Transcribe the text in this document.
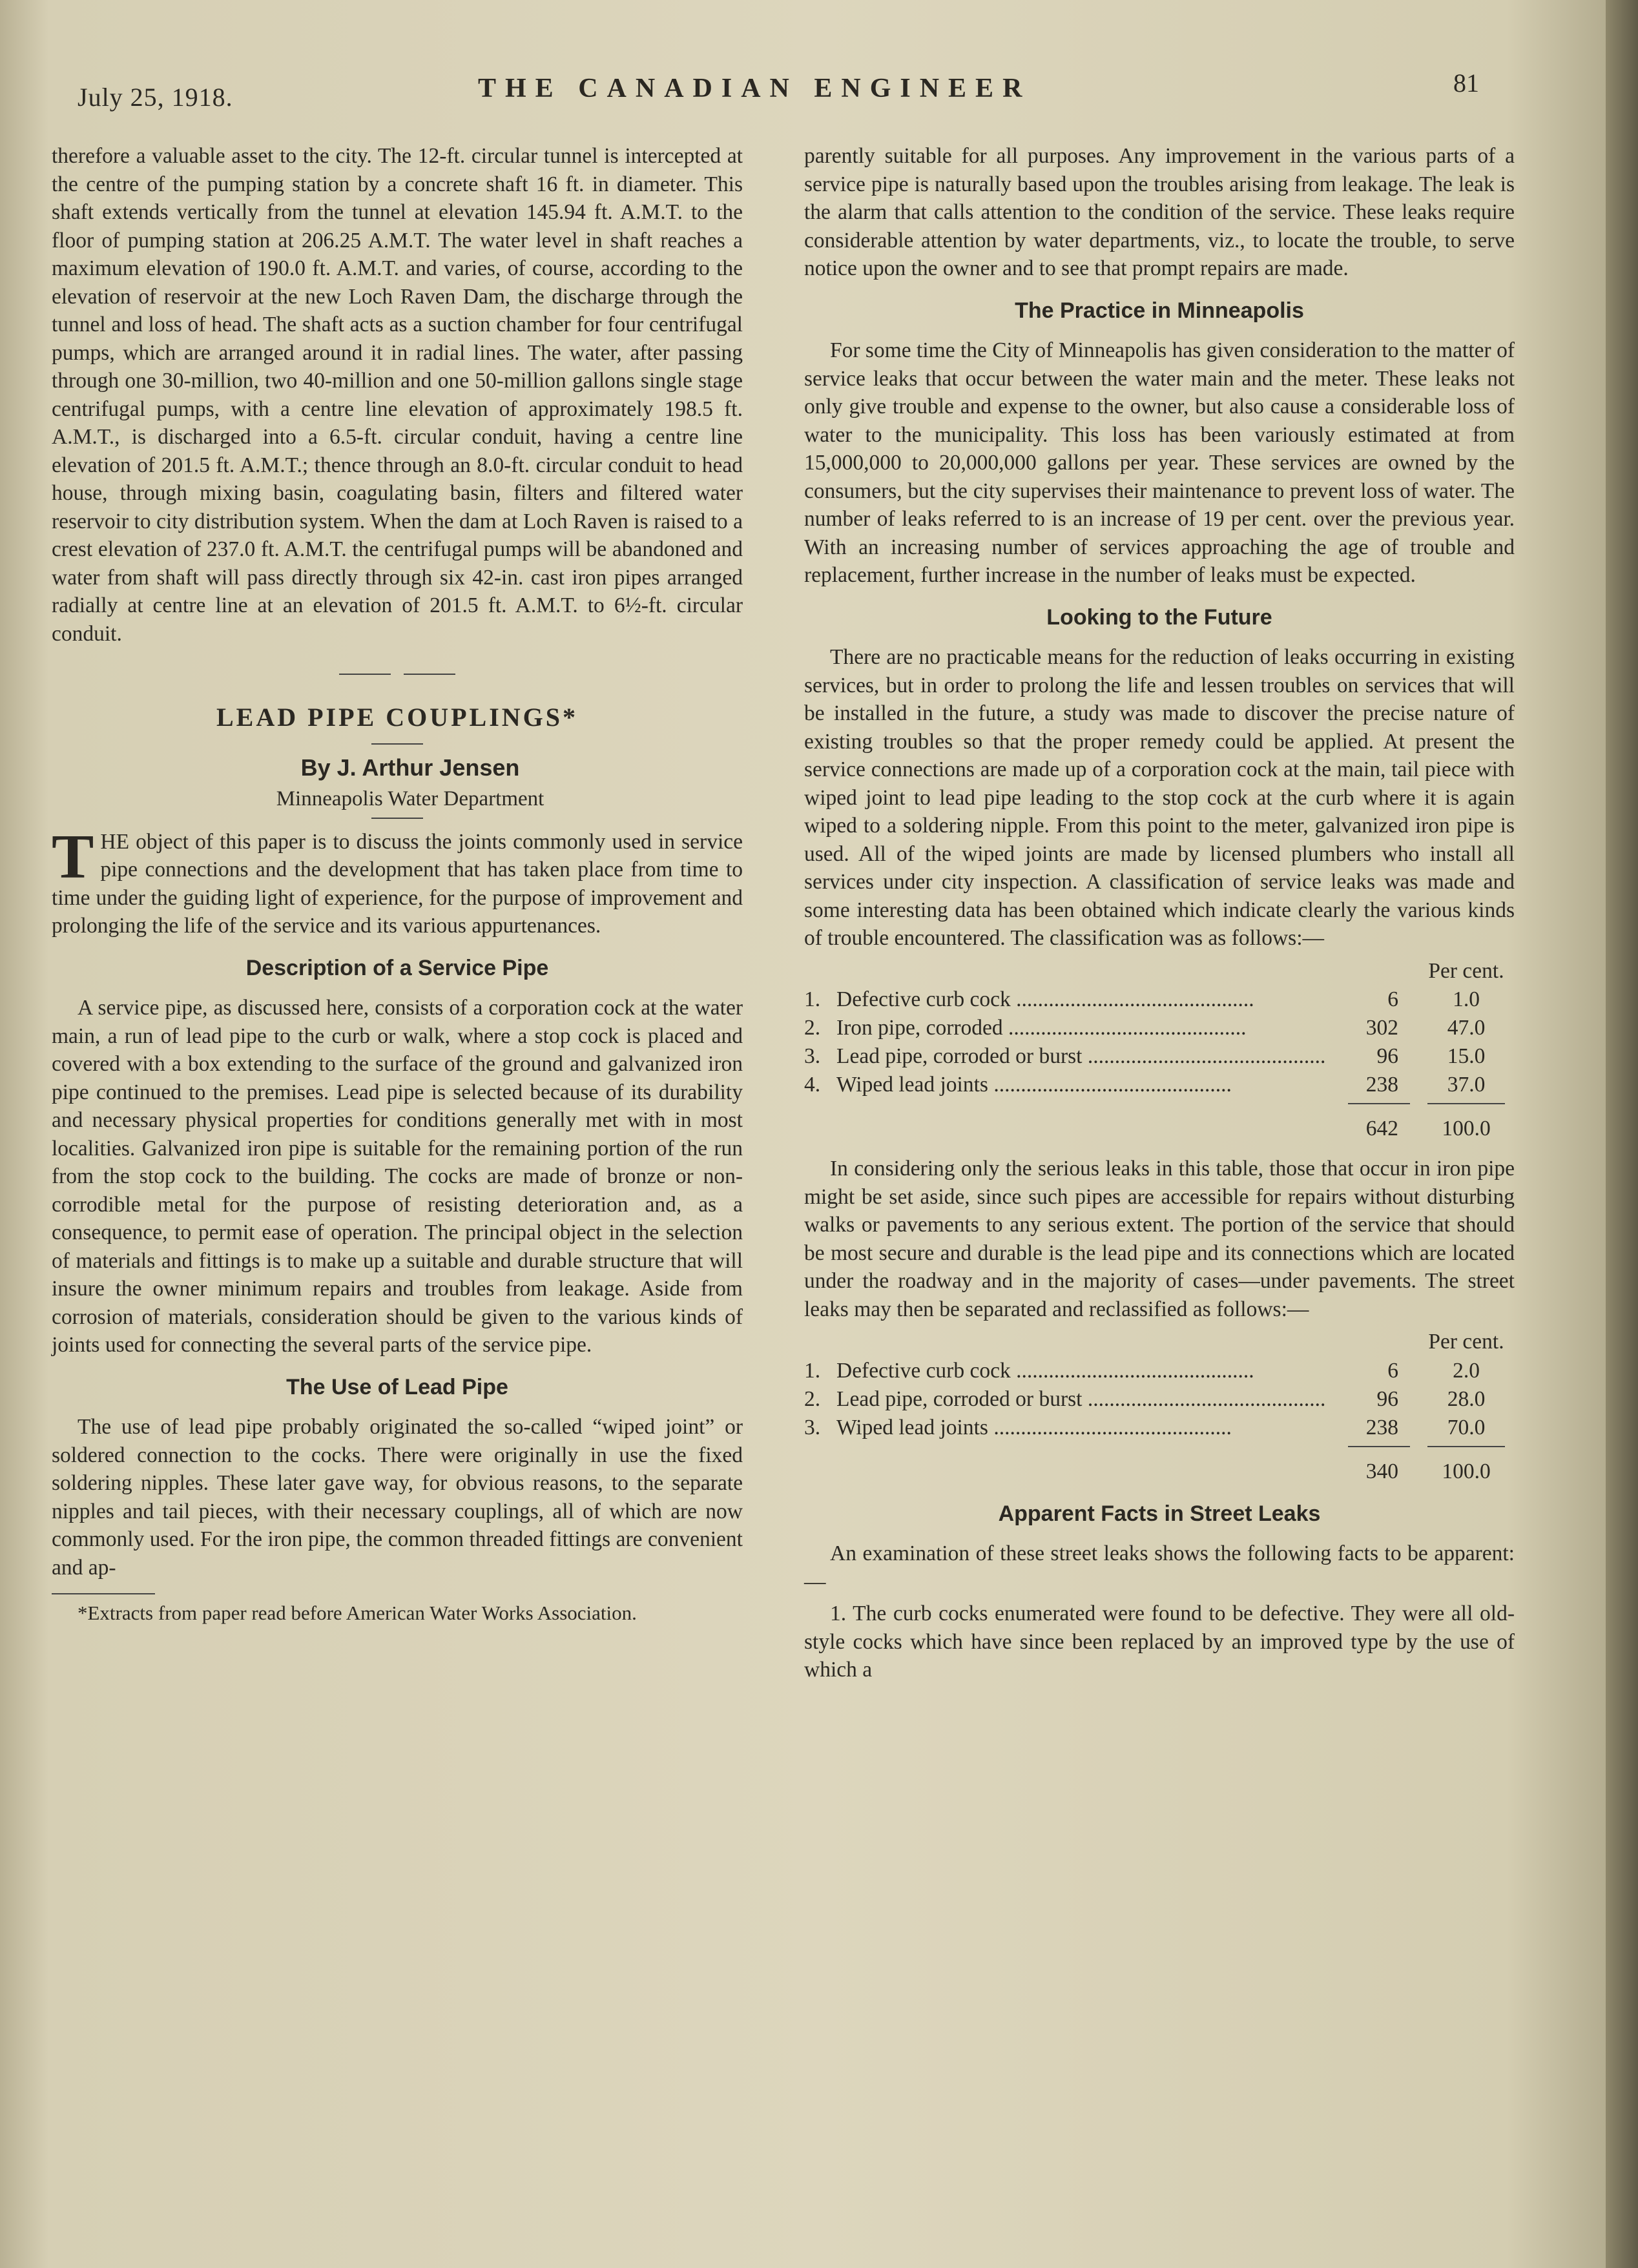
July 25, 1918.	THE CANADIAN ENGINEER	81

therefore a valuable asset to the city. The 12-ft. circular tunnel is intercepted at the centre of the pumping station by a concrete shaft 16 ft. in diameter. This shaft extends vertically from the tunnel at elevation 145.94 ft. A.M.T. to the floor of pumping station at 206.25 A.M.T. The water level in shaft reaches a maximum elevation of 190.0 ft. A.M.T. and varies, of course, according to the elevation of reservoir at the new Loch Raven Dam, the discharge through the tunnel and loss of head. The shaft acts as a suction chamber for four centrifugal pumps, which are arranged around it in radial lines. The water, after passing through one 30-million, two 40-million and one 50-million gallons single stage centrifugal pumps, with a centre line elevation of approximately 198.5 ft. A.M.T., is discharged into a 6.5-ft. circular conduit, having a centre line elevation of 201.5 ft. A.M.T.; thence through an 8.0-ft. circular conduit to head house, through mixing basin, coagulating basin, filters and filtered water reservoir to city distribution system. When the dam at Loch Raven is raised to a crest elevation of 237.0 ft. A.M.T. the centrifugal pumps will be abandoned and water from shaft will pass directly through six 42-in. cast iron pipes arranged radially at centre line at an elevation of 201.5 ft. A.M.T. to 6½-ft. circular conduit.

LEAD PIPE COUPLINGS*

By J. Arthur Jensen

Minneapolis Water Department

THE object of this paper is to discuss the joints commonly used in service pipe connections and the development that has taken place from time to time under the guiding light of experience, for the purpose of improvement and prolonging the life of the service and its various appurtenances.

Description of a Service Pipe

A service pipe, as discussed here, consists of a corporation cock at the water main, a run of lead pipe to the curb or walk, where a stop cock is placed and covered with a box extending to the surface of the ground and galvanized iron pipe continued to the premises. Lead pipe is selected because of its durability and necessary physical properties for conditions generally met with in most localities. Galvanized iron pipe is suitable for the remaining portion of the run from the stop cock to the building. The cocks are made of bronze or non-corrodible metal for the purpose of resisting deterioration and, as a consequence, to permit ease of operation. The principal object in the selection of materials and fittings is to make up a suitable and durable structure that will insure the owner minimum repairs and troubles from leakage. Aside from corrosion of materials, consideration should be given to the various kinds of joints used for connecting the several parts of the service pipe.

The Use of Lead Pipe

The use of lead pipe probably originated the so-called “wiped joint” or soldered connection to the cocks. There were originally in use the fixed soldering nipples. These later gave way, for obvious reasons, to the separate nipples and tail pieces, with their necessary couplings, all of which are now commonly used. For the iron pipe, the common threaded fittings are convenient and ap-

*Extracts from paper read before American Water Works Association.

parently suitable for all purposes. Any improvement in the various parts of a service pipe is naturally based upon the troubles arising from leakage. The leak is the alarm that calls attention to the condition of the service. These leaks require considerable attention by water departments, viz., to locate the trouble, to serve notice upon the owner and to see that prompt repairs are made.

The Practice in Minneapolis

For some time the City of Minneapolis has given consideration to the matter of service leaks that occur between the water main and the meter. These leaks not only give trouble and expense to the owner, but also cause a considerable loss of water to the municipality. This loss has been variously estimated at from 15,000,000 to 20,000,000 gallons per year. These services are owned by the consumers, but the city supervises their maintenance to prevent loss of water. The number of leaks referred to is an increase of 19 per cent. over the previous year. With an increasing number of services approaching the age of trouble and replacement, further increase in the number of leaks must be expected.

Looking to the Future

There are no practicable means for the reduction of leaks occurring in existing services, but in order to prolong the life and lessen troubles on services that will be installed in the future, a study was made to discover the precise nature of existing troubles so that the proper remedy could be applied. At present the service connections are made up of a corporation cock at the main, tail piece with wiped joint to lead pipe leading to the stop cock at the curb where it is again wiped to a soldering nipple. From this point to the meter, galvanized iron pipe is used. All of the wiped joints are made by licensed plumbers who install all services under city inspection. A classification of service leaks was made and some interesting data has been obtained which indicate clearly the various kinds of trouble encountered. The classification was as follows:—

			Per cent.
1.	Defective curb cock .....	6	1.0
2.	Iron pipe, corroded .....	302	47.0
3.	Lead pipe, corroded or burst .....	96	15.0
4.	Wiped lead joints .....	238	37.0
		642	100.0

In considering only the serious leaks in this table, those that occur in iron pipe might be set aside, since such pipes are accessible for repairs without disturbing walks or pavements to any serious extent. The portion of the service that should be most secure and durable is the lead pipe and its connections which are located under the roadway and in the majority of cases—under pavements. The street leaks may then be separated and reclassified as follows:—

			Per cent.
1.	Defective curb cock .....	6	2.0
2.	Lead pipe, corroded or burst .....	96	28.0
3.	Wiped lead joints .....	238	70.0
		340	100.0
Apparent Facts in Street Leaks

An examination of these street leaks shows the following facts to be apparent:—

1. The curb cocks enumerated were found to be defective. They were all old-style cocks which have since been replaced by an improved type by the use of which a
